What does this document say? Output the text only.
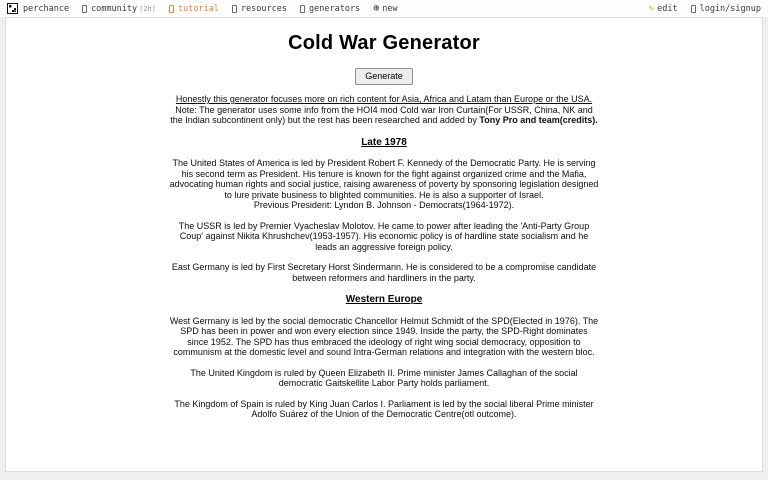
perchance	community (2h)	tutorial	resources	generators ⊕ new	✎ edit	login/signup
Cold War Generator
Generate
Honestly this generator focuses more on rich content for Asia, Africa and Latam than Europe or the USA.
Note: The generator uses some info from the HOI4 mod Cold war Iron Curtain(For USSR, China, NK and the Indian subcontinent only) but the rest has been researched and added by Tony Pro and team(credits).
Late 1978
The United States of America is led by President Robert F. Kennedy of the Democratic Party. He is serving his second term as President. His tenure is known for the fight against organized crime and the Mafia, advocating human rights and social justice, raising awareness of poverty by sponsoring legislation designed to lure private business to blighted communities. He is also a supporter of Israel.
Previous President: Lyndon B. Johnson - Democrats(1964-1972).
The USSR is led by Premier Vyacheslav Molotov. He came to power after leading the 'Anti-Party Group Coup' against Nikita Khrushchev(1953-1957). His economic policy is of hardline state socialism and he leads an aggressive foreign policy.
East Germany is led by First Secretary Horst Sindermann. He is considered to be a compromise candidate between reformers and hardliners in the party.
Western Europe
West Germany is led by the social democratic Chancellor Helmut Schmidt of the SPD(Elected in 1976). The SPD has been in power and won every election since 1949. Inside the party, the SPD-Right dominates since 1952. The SPD has thus embraced the ideology of right wing social democracy, opposition to communism at the domestic level and sound Intra-German relations and integration with the western bloc.
The United Kingdom is ruled by Queen Elizabeth II. Prime minister James Callaghan of the social democratic Gaitskellite Labor Party holds parliament.
The Kingdom of Spain is ruled by King Juan Carlos I. Parliament is led by the social liberal Prime minister Adolfo Suárez of the Union of the Democratic Centre(otl outcome).
